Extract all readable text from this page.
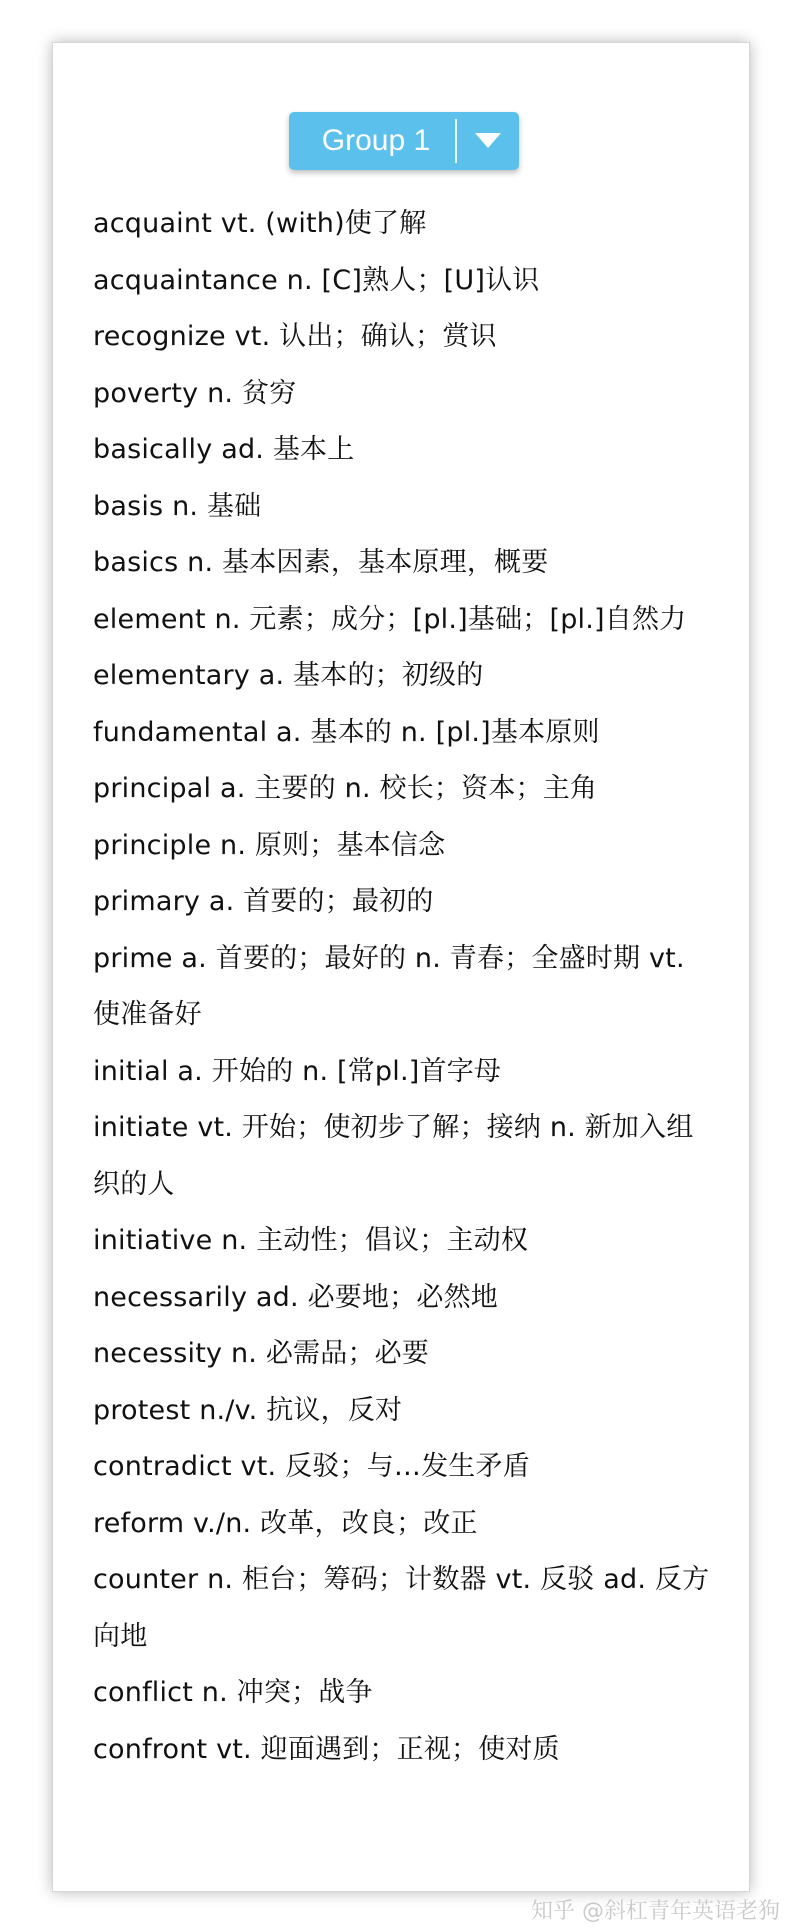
Group 1
acquaint vt. (with)使了解
acquaintance n. [C]熟人；[U]认识
recognize vt. 认出；确认；赏识
poverty n. 贫穷
basically ad. 基本上
basis n. 基础
basics n. 基本因素，基本原理，概要
element n. 元素；成分；[pl.]基础；[pl.]自然力
elementary a. 基本的；初级的
fundamental a. 基本的 n. [pl.]基本原则
principal a. 主要的 n. 校长；资本；主角
principle n. 原则；基本信念
primary a. 首要的；最初的
prime a. 首要的；最好的 n. 青春；全盛时期 vt. 使准备好
initial a. 开始的 n. [常pl.]首字母
initiate vt. 开始；使初步了解；接纳 n. 新加入组织的人
initiative n. 主动性；倡议；主动权
necessarily ad. 必要地；必然地
necessity n. 必需品；必要
protest n./v. 抗议，反对
contradict vt. 反驳；与…发生矛盾
reform v./n. 改革，改良；改正
counter n. 柜台；筹码；计数器 vt. 反驳 ad. 反方向地
conflict n. 冲突；战争
confront vt. 迎面遇到；正视；使对质
知乎 @斜杠青年英语老狗
